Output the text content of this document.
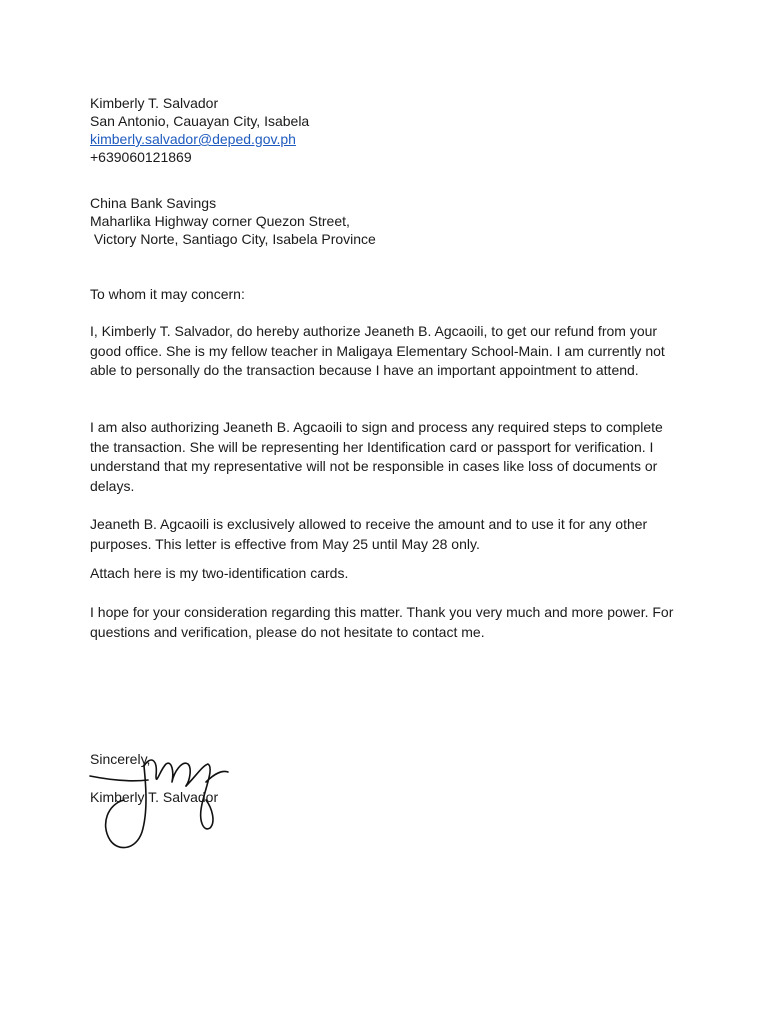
Kimberly T. Salvador
San Antonio, Cauayan City, Isabela
kimberly.salvador@deped.gov.ph
+639060121869
China Bank Savings
Maharlika Highway corner Quezon Street,
Victory Norte, Santiago City, Isabela Province
To whom it may concern:
I, Kimberly T. Salvador, do hereby authorize Jeaneth B. Agcaoili, to get our refund from your good office. She is my fellow teacher in Maligaya Elementary School-Main. I am currently not able to personally do the transaction because I have an important appointment to attend.
I am also authorizing Jeaneth B. Agcaoili to sign and process any required steps to complete the transaction. She will be representing her Identification card or passport for verification. I understand that my representative will not be responsible in cases like loss of documents or delays.
Jeaneth B. Agcaoili is exclusively allowed to receive the amount and to use it for any other purposes. This letter is effective from May 25 until May 28 only.
Attach here is my two-identification cards.
I hope for your consideration regarding this matter. Thank you very much and more power. For questions and verification, please do not hesitate to contact me.
Sincerely,
Kimberly T. Salvador
